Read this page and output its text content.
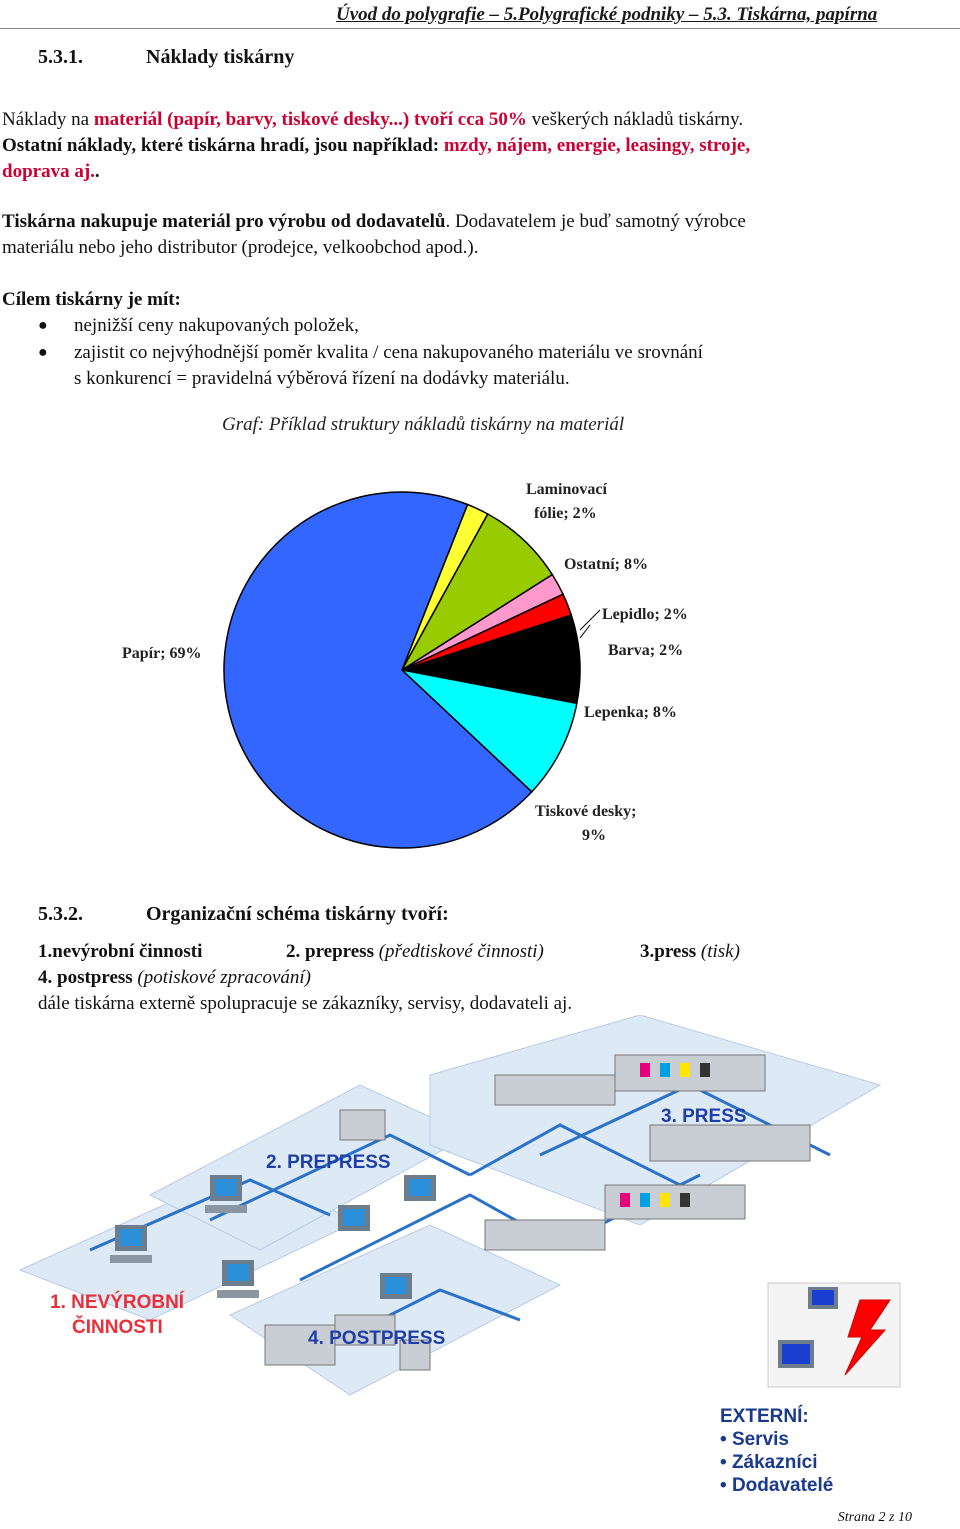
Úvod do polygrafie – 5.Polygrafické podniky – 5.3. Tiskárna, papírna
5.3.1.	Náklady tiskárny
Náklady na materiál (papír, barvy, tiskové desky...) tvoří cca 50% veškerých nákladů tiskárny.
Ostatní náklady, které tiskárna hradí, jsou například: mzdy, nájem, energie, leasingy, stroje,
doprava aj..
Tiskárna nakupuje materiál pro výrobu od dodavatelů. Dodavatelem je buď samotný výrobce
materiálu nebo jeho distributor (prodejce, velkoobchod apod.).
Cílem tiskárny je mít:
● nejnižší ceny nakupovaných položek,
● zajistit co nejvýhodnější poměr kvalita / cena nakupovaného materiálu ve srovnání
s konkurencí = pravidelná výběrová řízení na dodávky materiálu.
Graf: Příklad struktury nákladů tiskárny na materiál
Laminovací
fólie; 2%
Ostatní; 8%
Lepidlo; 2%
Barva; 2%
Lepenka; 8%
Tiskové desky;
9%
Papír; 69%
5.3.2.	Organizační schéma tiskárny tvoří:
1.nevýrobní činnosti	2. prepress (předtiskové činnosti)	3.press (tisk)
4. postpress (potiskové zpracování)
dále tiskárna externě spolupracuje se zákazníky, servisy, dodavateli aj.
3. PRESS
2. PREPRESS
1. NEVÝROBNÍ
ČINNOSTI
4. POSTPRESS
EXTERNÍ:
• Servis
• Zákazníci
• Dodavatelé
Strana 2 z 10
